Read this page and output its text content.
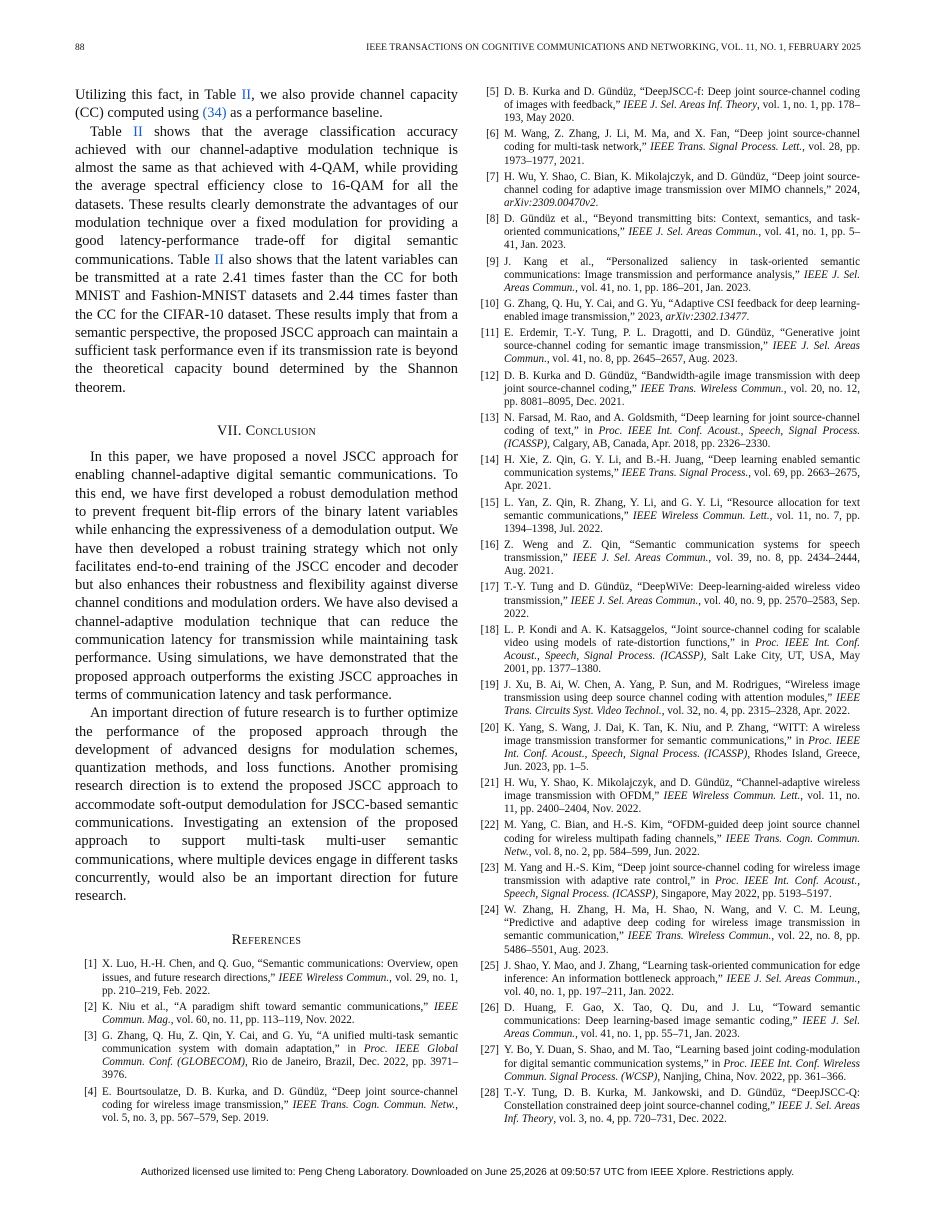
88	IEEE TRANSACTIONS ON COGNITIVE COMMUNICATIONS AND NETWORKING, VOL. 11, NO. 1, FEBRUARY 2025

Utilizing this fact, in Table II, we also provide channel capacity (CC) computed using (34) as a performance baseline.

Table II shows that the average classification accuracy achieved with our channel-adaptive modulation technique is almost the same as that achieved with 4-QAM, while providing the average spectral efficiency close to 16-QAM for all the datasets. These results clearly demonstrate the advantages of our modulation technique over a fixed modulation for providing a good latency-performance trade-off for digital semantic communications. Table II also shows that the latent variables can be transmitted at a rate 2.41 times faster than the CC for both MNIST and Fashion-MNIST datasets and 2.44 times faster than the CC for the CIFAR-10 dataset. These results imply that from a semantic perspective, the proposed JSCC approach can maintain a sufficient task performance even if its transmission rate is beyond the theoretical capacity bound determined by the Shannon theorem.

VII. Conclusion

In this paper, we have proposed a novel JSCC approach for enabling channel-adaptive digital semantic communications. To this end, we have first developed a robust demodulation method to prevent frequent bit-flip errors of the binary latent variables while enhancing the expressiveness of a demodulation output. We have then developed a robust training strategy which not only facilitates end-to-end training of the JSCC encoder and decoder but also enhances their robustness and flexibility against diverse channel conditions and modulation orders. We have also devised a channel-adaptive modulation technique that can reduce the communication latency for transmission while maintaining task performance. Using simulations, we have demonstrated that the proposed approach outperforms the existing JSCC approaches in terms of communication latency and task performance.

An important direction of future research is to further optimize the performance of the proposed approach through the development of advanced designs for modulation schemes, quantization methods, and loss functions. Another promising research direction is to extend the proposed JSCC approach to accommodate soft-output demodulation for JSCC-based semantic communications. Investigating an extension of the proposed approach to support multi-task multi-user semantic communications, where multiple devices engage in different tasks concurrently, would also be an important direction for future research.

References
[1] X. Luo, H.-H. Chen, and Q. Guo, “Semantic communications: Overview, open issues, and future research directions,” IEEE Wireless Commun., vol. 29, no. 1, pp. 210–219, Feb. 2022.
[2] K. Niu et al., “A paradigm shift toward semantic communications,” IEEE Commun. Mag., vol. 60, no. 11, pp. 113–119, Nov. 2022.
[3] G. Zhang, Q. Hu, Z. Qin, Y. Cai, and G. Yu, “A unified multi-task semantic communication system with domain adaptation,” in Proc. IEEE Global Commun. Conf. (GLOBECOM), Rio de Janeiro, Brazil, Dec. 2022, pp. 3971–3976.
[4] E. Bourtsoulatze, D. B. Kurka, and D. Gündüz, “Deep joint source-channel coding for wireless image transmission,” IEEE Trans. Cogn. Commun. Netw., vol. 5, no. 3, pp. 567–579, Sep. 2019.
[5] D. B. Kurka and D. Gündüz, “DeepJSCC-f: Deep joint source-channel coding of images with feedback,” IEEE J. Sel. Areas Inf. Theory, vol. 1, no. 1, pp. 178–193, May 2020.
[6] M. Wang, Z. Zhang, J. Li, M. Ma, and X. Fan, “Deep joint source-channel coding for multi-task network,” IEEE Trans. Signal Process. Lett., vol. 28, pp. 1973–1977, 2021.
[7] H. Wu, Y. Shao, C. Bian, K. Mikolajczyk, and D. Gündüz, “Deep joint source-channel coding for adaptive image transmission over MIMO channels,” 2024, arXiv:2309.00470v2.
[8] D. Gündüz et al., “Beyond transmitting bits: Context, semantics, and task-oriented communications,” IEEE J. Sel. Areas Commun., vol. 41, no. 1, pp. 5–41, Jan. 2023.
[9] J. Kang et al., “Personalized saliency in task-oriented semantic communications: Image transmission and performance analysis,” IEEE J. Sel. Areas Commun., vol. 41, no. 1, pp. 186–201, Jan. 2023.
[10] G. Zhang, Q. Hu, Y. Cai, and G. Yu, “Adaptive CSI feedback for deep learning-enabled image transmission,” 2023, arXiv:2302.13477.
[11] E. Erdemir, T.-Y. Tung, P. L. Dragotti, and D. Gündüz, “Generative joint source-channel coding for semantic image transmission,” IEEE J. Sel. Areas Commun., vol. 41, no. 8, pp. 2645–2657, Aug. 2023.
[12] D. B. Kurka and D. Gündüz, “Bandwidth-agile image transmission with deep joint source-channel coding,” IEEE Trans. Wireless Commun., vol. 20, no. 12, pp. 8081–8095, Dec. 2021.
[13] N. Farsad, M. Rao, and A. Goldsmith, “Deep learning for joint source-channel coding of text,” in Proc. IEEE Int. Conf. Acoust., Speech, Signal Process. (ICASSP), Calgary, AB, Canada, Apr. 2018, pp. 2326–2330.
[14] H. Xie, Z. Qin, G. Y. Li, and B.-H. Juang, “Deep learning enabled semantic communication systems,” IEEE Trans. Signal Process., vol. 69, pp. 2663–2675, Apr. 2021.
[15] L. Yan, Z. Qin, R. Zhang, Y. Li, and G. Y. Li, “Resource allocation for text semantic communications,” IEEE Wireless Commun. Lett., vol. 11, no. 7, pp. 1394–1398, Jul. 2022.
[16] Z. Weng and Z. Qin, “Semantic communication systems for speech transmission,” IEEE J. Sel. Areas Commun., vol. 39, no. 8, pp. 2434–2444, Aug. 2021.
[17] T.-Y. Tung and D. Gündüz, “DeepWiVe: Deep-learning-aided wireless video transmission,” IEEE J. Sel. Areas Commun., vol. 40, no. 9, pp. 2570–2583, Sep. 2022.
[18] L. P. Kondi and A. K. Katsaggelos, “Joint source-channel coding for scalable video using models of rate-distortion functions,” in Proc. IEEE Int. Conf. Acoust., Speech, Signal Process. (ICASSP), Salt Lake City, UT, USA, May 2001, pp. 1377–1380.
[19] J. Xu, B. Ai, W. Chen, A. Yang, P. Sun, and M. Rodrigues, “Wireless image transmission using deep source channel coding with attention modules,” IEEE Trans. Circuits Syst. Video Technol., vol. 32, no. 4, pp. 2315–2328, Apr. 2022.
[20] K. Yang, S. Wang, J. Dai, K. Tan, K. Niu, and P. Zhang, “WITT: A wireless image transmission transformer for semantic communications,” in Proc. IEEE Int. Conf. Acoust., Speech, Signal Process. (ICASSP), Rhodes Island, Greece, Jun. 2023, pp. 1–5.
[21] H. Wu, Y. Shao, K. Mikolajczyk, and D. Gündüz, “Channel-adaptive wireless image transmission with OFDM,” IEEE Wireless Commun. Lett., vol. 11, no. 11, pp. 2400–2404, Nov. 2022.
[22] M. Yang, C. Bian, and H.-S. Kim, “OFDM-guided deep joint source channel coding for wireless multipath fading channels,” IEEE Trans. Cogn. Commun. Netw., vol. 8, no. 2, pp. 584–599, Jun. 2022.
[23] M. Yang and H.-S. Kim, “Deep joint source-channel coding for wireless image transmission with adaptive rate control,” in Proc. IEEE Int. Conf. Acoust., Speech, Signal Process. (ICASSP), Singapore, May 2022, pp. 5193–5197.
[24] W. Zhang, H. Zhang, H. Ma, H. Shao, N. Wang, and V. C. M. Leung, “Predictive and adaptive deep coding for wireless image transmission in semantic communication,” IEEE Trans. Wireless Commun., vol. 22, no. 8, pp. 5486–5501, Aug. 2023.
[25] J. Shao, Y. Mao, and J. Zhang, “Learning task-oriented communication for edge inference: An information bottleneck approach,” IEEE J. Sel. Areas Commun., vol. 40, no. 1, pp. 197–211, Jan. 2022.
[26] D. Huang, F. Gao, X. Tao, Q. Du, and J. Lu, “Toward semantic communications: Deep learning-based image semantic coding,” IEEE J. Sel. Areas Commun., vol. 41, no. 1, pp. 55–71, Jan. 2023.
[27] Y. Bo, Y. Duan, S. Shao, and M. Tao, “Learning based joint coding-modulation for digital semantic communication systems,” in Proc. IEEE Int. Conf. Wireless Commun. Signal Process. (WCSP), Nanjing, China, Nov. 2022, pp. 361–366.
[28] T.-Y. Tung, D. B. Kurka, M. Jankowski, and D. Gündüz, “DeepJSCC-Q: Constellation constrained deep joint source-channel coding,” IEEE J. Sel. Areas Inf. Theory, vol. 3, no. 4, pp. 720–731, Dec. 2022.
Authorized licensed use limited to: Peng Cheng Laboratory. Downloaded on June 25,2026 at 09:50:57 UTC from IEEE Xplore. Restrictions apply.
